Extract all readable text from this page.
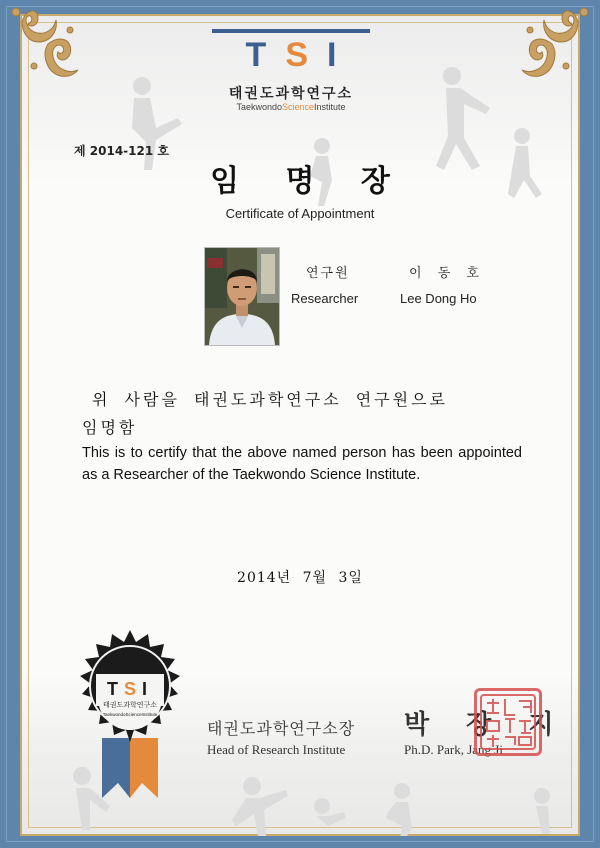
TSI
태권도과학연구소
TaekwondoScienceInstitute
제 2014-121 호
임 명 장
Certificate of Appointment
연구원	이 동 호
Researcher	Lee Dong Ho
위 사람을 태권도과학연구소 연구원으로
임명함
This is to certify that the above named person has been appointed as a Researcher of the Taekwondo Science Institute.
2014년 7월 3일
TSI
태권도과학연구소
TaekwondoScienceInstitute
태권도과학연구소장
Head of Research Institute
박 장 지
Ph.D. Park, Jang Ji
